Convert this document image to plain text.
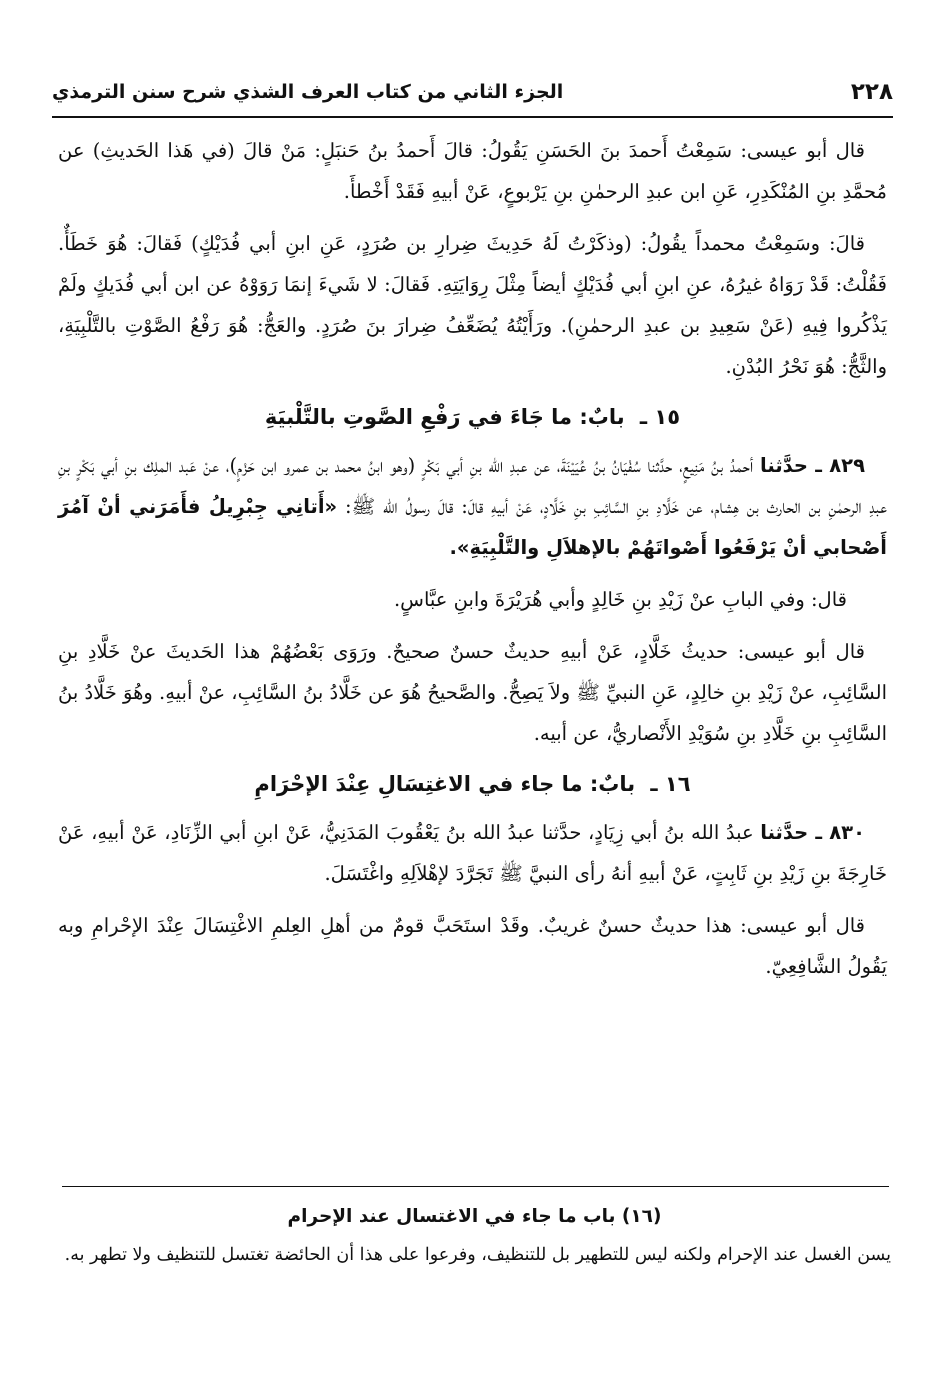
٢٢٨
الجزء الثاني من كتاب العرف الشذي شرح سنن الترمذي

قال أبو عيسى: سَمِعْتُ أَحمدَ بنَ الحَسَنِ يَقُولُ: قالَ أَحمدُ بنُ حَنبَلٍ: مَنْ قالَ (في هَذا الحَديثِ) عن مُحمَّدِ بنِ المُنْكَدِرِ، عَنِ ابن عبدِ الرحمٰنِ بنِ يَرْبوعٍ، عَنْ أبيهِ فَقَدْ أَخْطأَ.

قالَ: وسَمِعْتُ محمداً يقُولُ: (وذكَرْتُ لَهُ حَدِيثَ ضِرارِ بن صُرَدٍ، عَنِ ابنِ أبي فُدَيْكٍ) فَقالَ: هُوَ خَطَأٌ. فَقُلْتُ: قَدْ رَوَاهُ غيرُهُ، عنِ ابنِ أبي فُدَيْكٍ أيضاً مِثْلَ رِوَايَتِهِ. فَقالَ: لا شَيءَ إنمَا رَوَوْهُ عن ابن أبي فُدَيكٍ ولَمْ يَذْكُروا فِيهِ (عَنْ سَعِيدِ بن عبدِ الرحمٰنِ). ورَأَيْتُهُ يُضَعِّفُ ضِرارَ بنَ صُرَدٍ. والعَجُّ: هُوَ رَفْعُ الصَّوْتِ بالتَّلْبِيَةِ، والثَّجُّ: هُوَ نَحْرُ البُدْنِ.

١٥ ـ بابٌ: ما جَاءَ في رَفْعِ الصَّوتِ بالتَّلْبيَةِ

٨٢٩ ـ حدَّثنا أحمدُ بنُ مَنِيعٍ، حدَّثنا سُفْيَانُ بنُ عُيَيْنَةَ، عن عبدِ الله بنِ أبي بَكْرٍ (وهو ابنُ محمد بن عمرو ابن حَزْمٍ)، عنْ عَبد الملِك بنِ أبي بَكْرٍ بنِ عبدِ الرحمٰنِ بن الحارث بن هِشام، عن خَلَّادِ بنِ السَّائِبِ بنِ خَلَّادٍ، عَنْ أبيهِ قالَ: قالَ رسولُ الله ﷺ: «أَتانِي جِبْرِيلُ فأَمَرَني أنْ آمُرَ أَصْحابي أنْ يَرْفَعُوا أَصْواتَهُمْ بالإهلاَلِ والتَّلْبِيَةِ».

قال: وفي البابِ عنْ زَيْدِ بنِ خَالِدٍ وأبي هُرَيْرَةَ وابنِ عبَّاسٍ.

قال أبو عيسى: حديثُ خَلَّادٍ، عَنْ أبيهِ حديثٌ حسنٌ صحيحٌ. ورَوَى بَعْضُهُمْ هذا الحَديثَ عنْ خَلَّادِ بنِ السَّائِبِ، عنْ زَيْدِ بنِ خالِدٍ، عَنِ النبيِّ ﷺ ولاَ يَصِحُّ. والصَّحيحُ هُوَ عن خَلَّادُ بنُ السَّائِبِ، عنْ أبيهِ. وهُوَ خَلَّادُ بنُ السَّائِبِ بنِ خَلَّادِ بنِ سُوَيْدِ الأَنْصاريُّ، عن أبيه.

١٦ ـ بابٌ: ما جاء في الاغتِسَالِ عِنْدَ الإحْرَامِ

٨٣٠ ـ حدَّثنا عبدُ الله بنُ أبي زِيَادٍ، حدَّثنا عبدُ الله بنُ يَعْقُوبَ المَدَنِيُّ، عَنْ ابنِ أبي الزِّنَادِ، عَنْ أبيهِ، عَنْ خَارِجَةَ بنِ زَيْدِ بنِ ثَابِتٍ، عَنْ أبيهِ أنهُ رأى النبيَّ ﷺ تَجَرَّدَ لإهْلاَلِهِ واغْتَسَلَ.

قال أبو عيسى: هذا حديثٌ حسنٌ غريبٌ. وقَدْ استَحَبَّ قومٌ من أهلِ العِلمِ الاغْتِسَالَ عِنْدَ الإحْرامِ وبه يَقُولُ الشَّافِعِيّ.

(١٦) باب ما جاء في الاغتسال عند الإحرام

يسن الغسل عند الإحرام ولكنه ليس للتطهير بل للتنظيف، وفرعوا على هذا أن الحائضة تغتسل للتنظيف ولا تطهر به.
